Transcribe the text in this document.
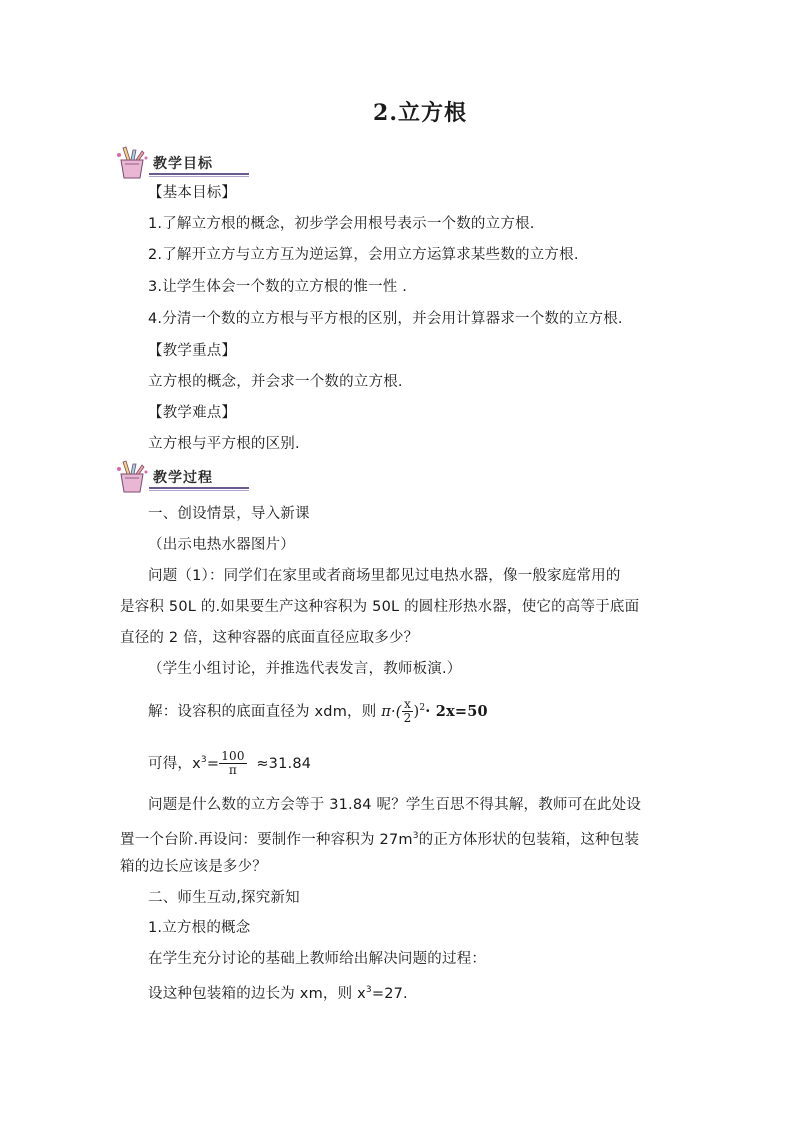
2.立方根
教学目标
【基本目标】
1.了解立方根的概念，初步学会用根号表示一个数的立方根.
2.了解开立方与立方互为逆运算，会用立方运算求某些数的立方根.
3.让学生体会一个数的立方根的惟一性 .
4.分清一个数的立方根与平方根的区别，并会用计算器求一个数的立方根.
【教学重点】
立方根的概念，并会求一个数的立方根.
【教学难点】
立方根与平方根的区别.
教学过程
一、创设情景，导入新课
（出示电热水器图片）
问题（1）：同学们在家里或者商场里都见过电热水器，像一般家庭常用的
是容积 50L 的.如果要生产这种容积为 50L 的圆柱形热水器，使它的高等于底面
直径的 2 倍，这种容器的底面直径应取多少？
（学生小组讨论，并推选代表发言，教师板演.）
解：设容积的底面直径为 xdm，则 $\pi\cdot( \frac{x}{2} )^2\cdot 2x=50$
可得，$x^3= \frac{100}{\pi} \approx 31.84$
问题是什么数的立方会等于 31.84 呢？学生百思不得其解，教师可在此处设
置一个台阶.再设问：要制作一种容积为 $27m^3$的正方体形状的包装箱，这种包装
箱的边长应该是多少？
二、师生互动,探究新知
1.立方根的概念
在学生充分讨论的基础上教师给出解决问题的过程：
设这种包装箱的边长为 xm，则 $x^3=27$.
